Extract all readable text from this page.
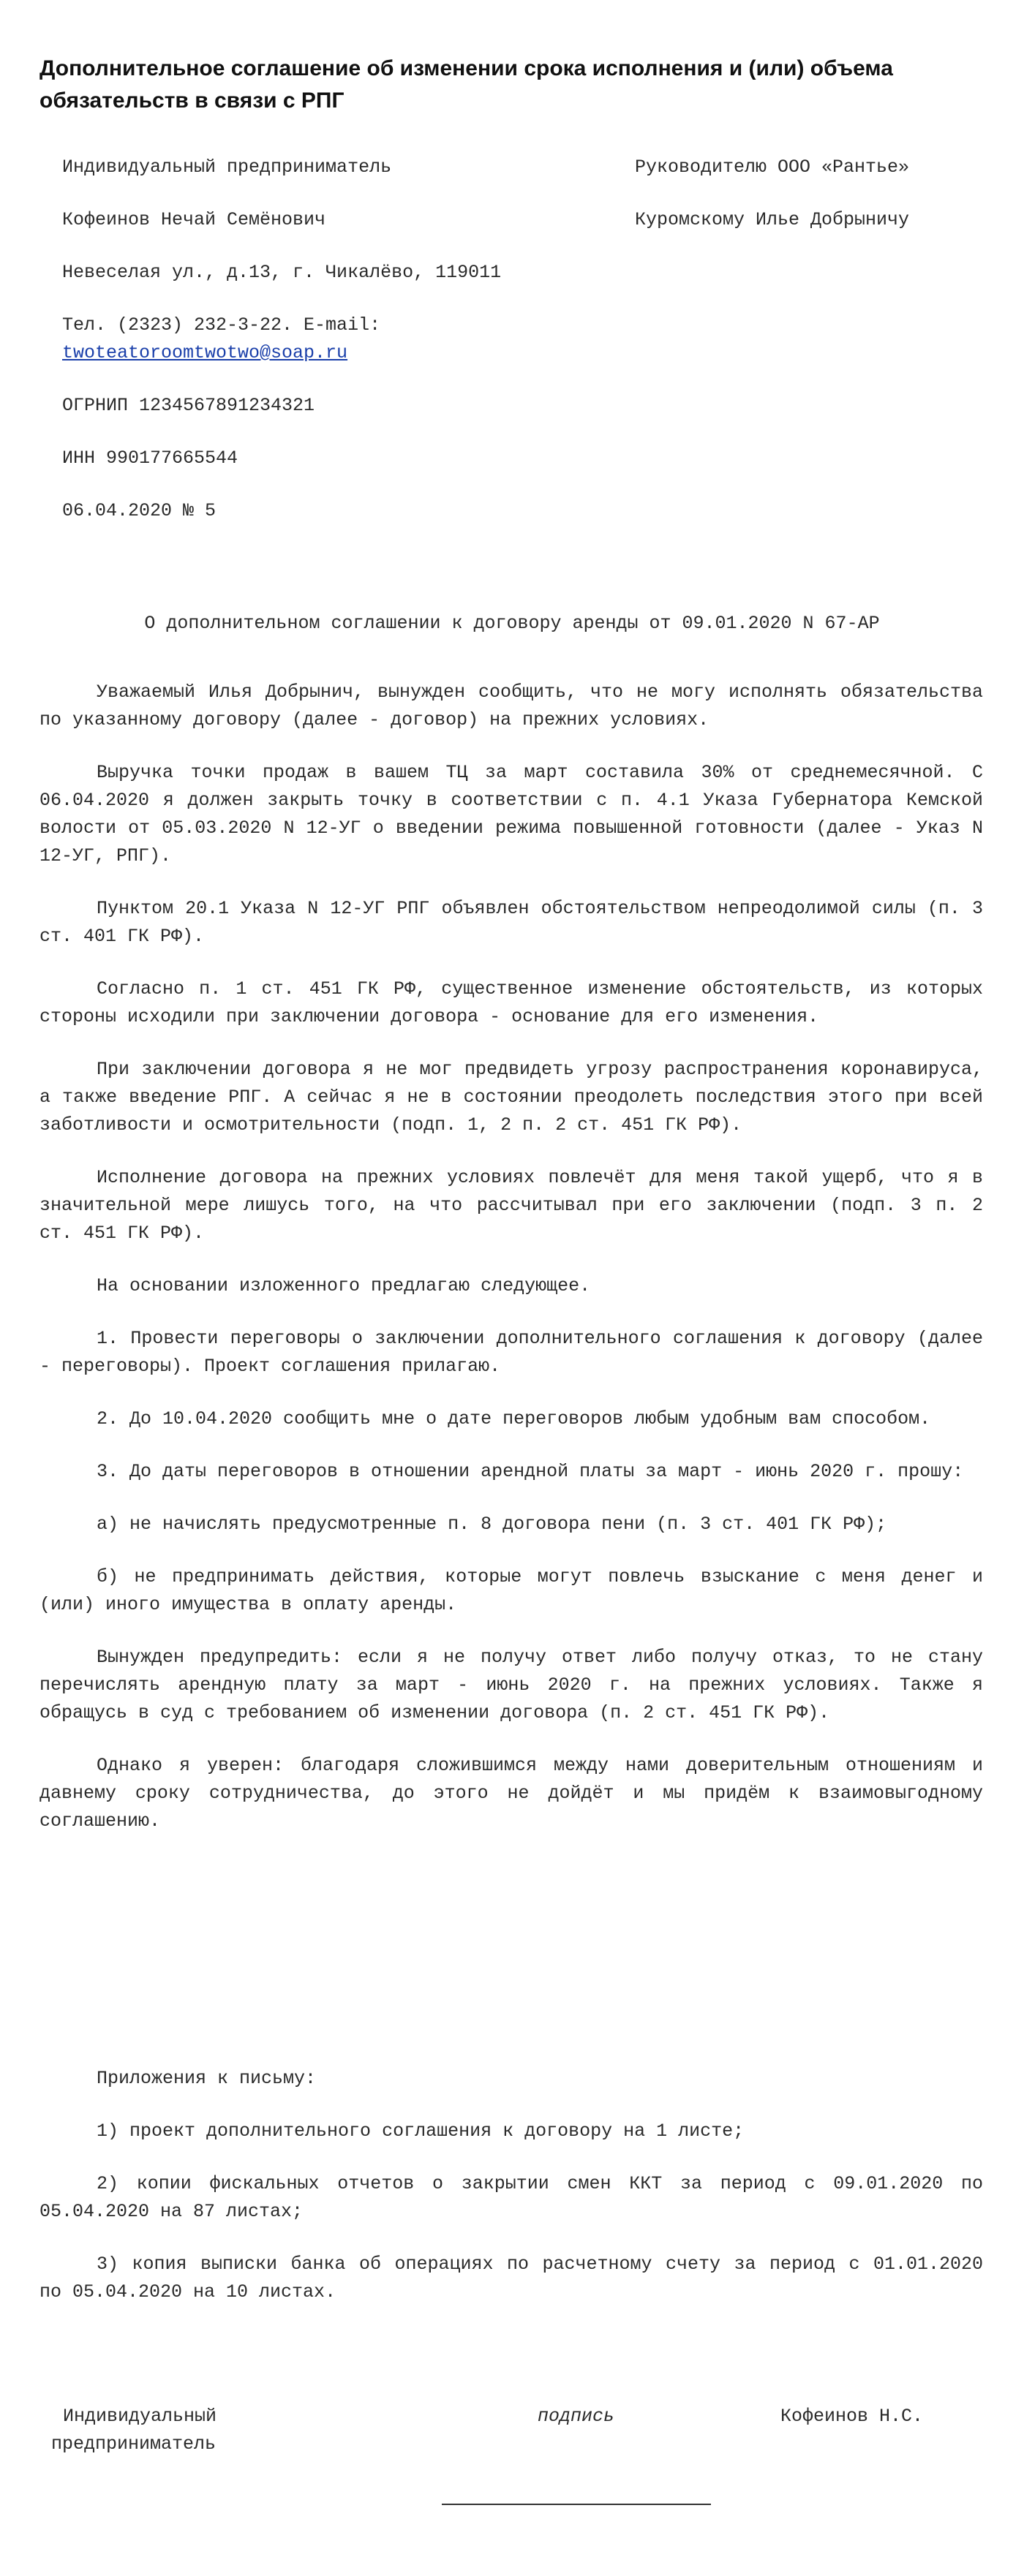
Дополнительное соглашение об изменении срока исполнения и (или) объема обязательств в связи с РПГ

Индивидуальный предприниматель

Кофеинов Нечай Семёнович

Невеселая ул., д.13, г. Чикалёво, 119011

Тел. (2323) 232-3-22. E-mail:
twoteatoroomtwotwo@soap.ru

ОГРНИП 1234567891234321

ИНН 990177665544

06.04.2020 № 5

Руководителю ООО «Рантье»

Куромскому Илье Добрыничу

О дополнительном соглашении к договору аренды от 09.01.2020 N 67-АР

Уважаемый Илья Добрынич, вынужден сообщить, что не могу исполнять обязательства по указанному договору (далее - договор) на прежних условиях.

Выручка точки продаж в вашем ТЦ за март составила 30% от среднемесячной. С 06.04.2020 я должен закрыть точку в соответствии с п. 4.1 Указа Губернатора Кемской волости от 05.03.2020 N 12-УГ о введении режима повышенной готовности (далее - Указ N 12-УГ, РПГ).

Пунктом 20.1 Указа N 12-УГ РПГ объявлен обстоятельством непреодолимой силы (п. 3 ст. 401 ГК РФ).

Согласно п. 1 ст. 451 ГК РФ, существенное изменение обстоятельств, из которых стороны исходили при заключении договора - основание для его изменения.

При заключении договора я не мог предвидеть угрозу распространения коронавируса, а также введение РПГ. А сейчас я не в состоянии преодолеть последствия этого при всей заботливости и осмотрительности (подп. 1, 2 п. 2 ст. 451 ГК РФ).

Исполнение договора на прежних условиях повлечёт для меня такой ущерб, что я в значительной мере лишусь того, на что рассчитывал при его заключении (подп. 3 п. 2 ст. 451 ГК РФ).

На основании изложенного предлагаю следующее.

1. Провести переговоры о заключении дополнительного соглашения к договору (далее - переговоры). Проект соглашения прилагаю.

2. До 10.04.2020 сообщить мне о дате переговоров любым удобным вам способом.

3. До даты переговоров в отношении арендной платы за март - июнь 2020 г. прошу:

а) не начислять предусмотренные п. 8 договора пени (п. 3 ст. 401 ГК РФ);

б) не предпринимать действия, которые могут повлечь взыскание с меня денег и (или) иного имущества в оплату аренды.

Вынужден предупредить: если я не получу ответ либо получу отказ, то не стану перечислять арендную плату за март - июнь 2020 г. на прежних условиях. Также я обращусь в суд с требованием об изменении договора (п. 2 ст. 451 ГК РФ).

Однако я уверен: благодаря сложившимся между нами доверительным отношениям и давнему сроку сотрудничества, до этого не дойдёт и мы придём к взаимовыгодному соглашению.

Приложения к письму:

1) проект дополнительного соглашения к договору на 1 листе;

2) копии фискальных отчетов о закрытии смен ККТ за период с 09.01.2020 по 05.04.2020 на 87 листах;

3) копия выписки банка об операциях по расчетному счету за период с 01.01.2020 по 05.04.2020 на 10 листах.

Индивидуальный
предприниматель

подпись	Кофеинов Н.С.
